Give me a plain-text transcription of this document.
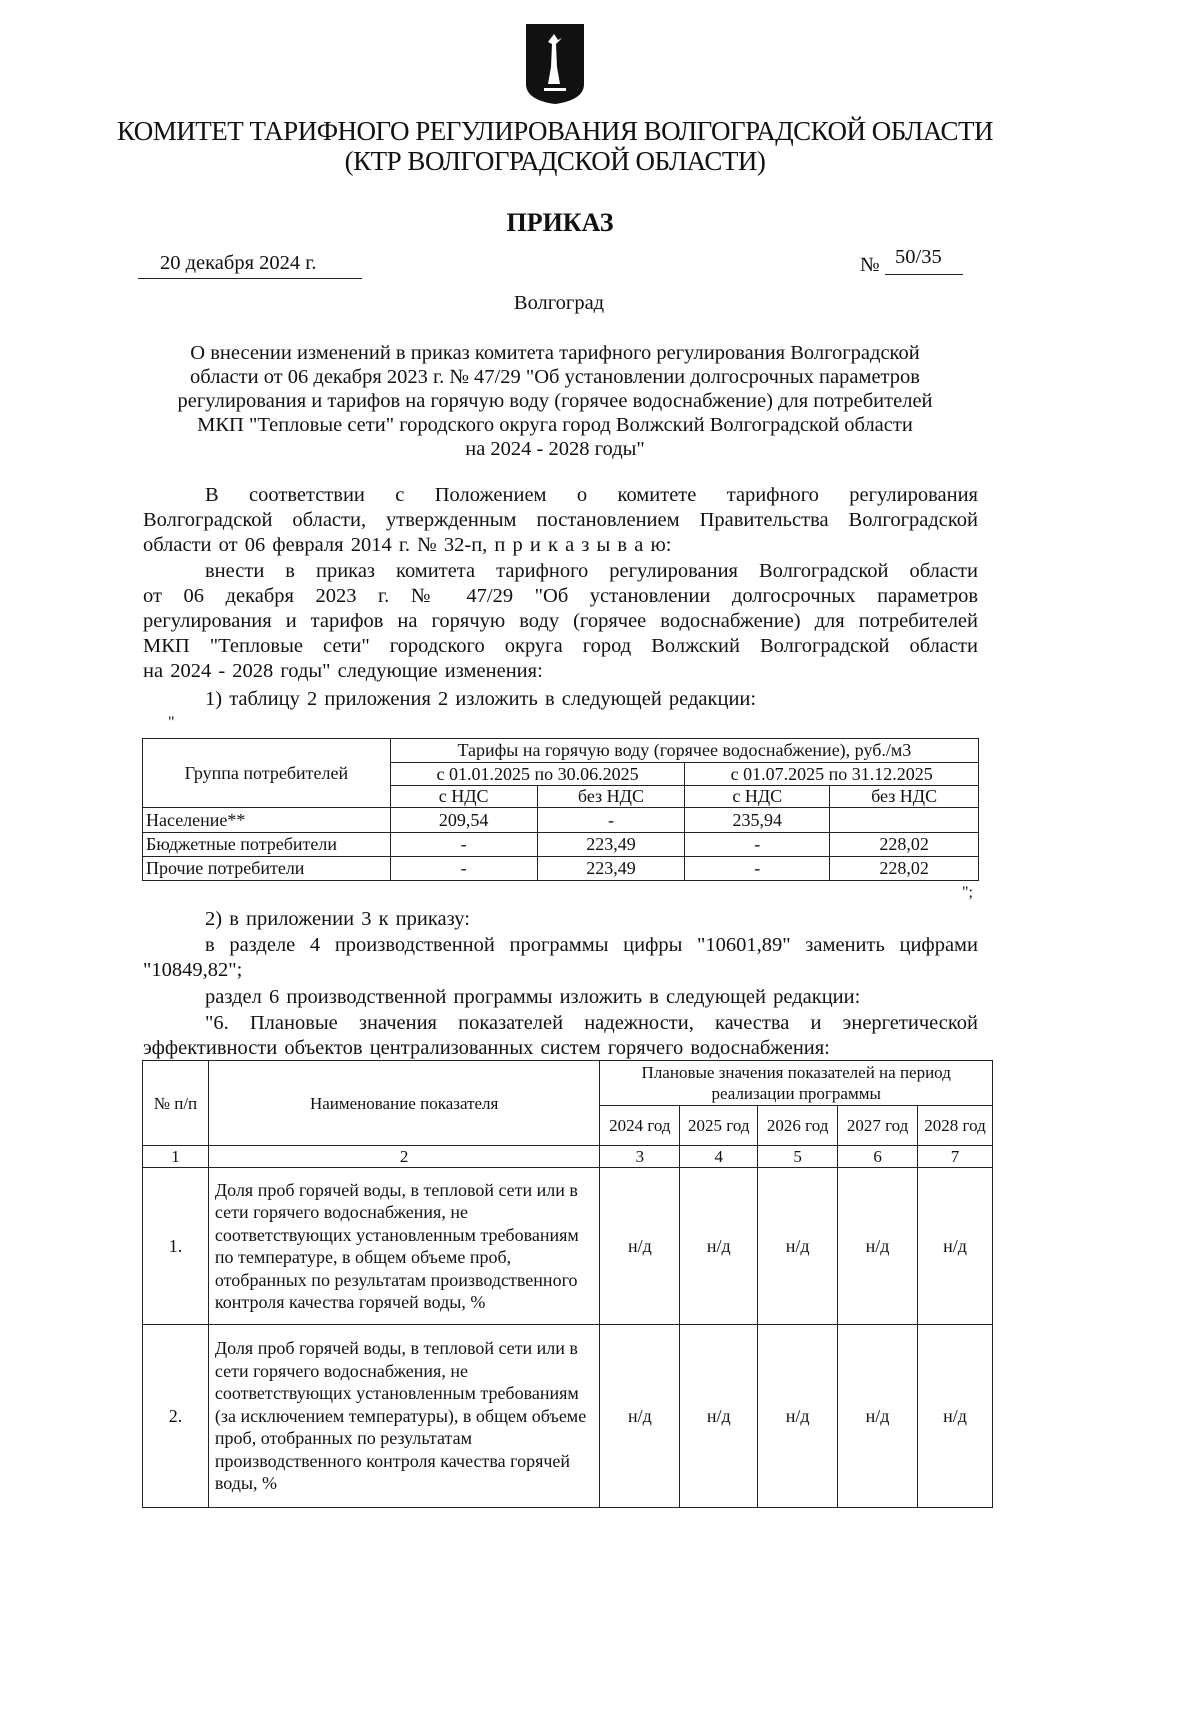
КОМИТЕТ ТАРИФНОГО РЕГУЛИРОВАНИЯ ВОЛГОГРАДСКОЙ ОБЛАСТИ
(КТР ВОЛГОГРАДСКОЙ ОБЛАСТИ)
ПРИКАЗ
20 декабря 2024 г.	№ 50/35
Волгоград
О внесении изменений в приказ комитета тарифного регулирования Волгоградской
области от 06 декабря 2023 г. № 47/29 "Об установлении долгосрочных параметров
регулирования и тарифов на горячую воду (горячее водоснабжение) для потребителей
МКП "Тепловые сети" городского округа город Волжский Волгоградской области
на 2024 - 2028 годы"
В соответствии с Положением о комитете тарифного регулирования
Волгоградской области, утвержденным постановлением Правительства Волгоградской
области от 06 февраля 2014 г. № 32-п, п р и к а з ы в а ю:
внести в приказ комитета тарифного регулирования Волгоградской области
от 06 декабря 2023 г. № 47/29 "Об установлении долгосрочных параметров
регулирования и тарифов на горячую воду (горячее водоснабжение) для потребителей
МКП "Тепловые сети" городского округа город Волжский Волгоградской области
на 2024 - 2028 годы" следующие изменения:
1) таблицу 2 приложения 2 изложить в следующей редакции:
"
Группа потребителей	Тарифы на горячую воду (горячее водоснабжение), руб./м3			
	с 01.01.2025 по 30.06.2025		с 01.07.2025 по 31.12.2025	
	с НДС	без НДС	с НДС	без НДС
Население**	209,54	-	235,94	
Бюджетные потребители	-	223,49	-	228,02
Прочие потребители	-	223,49	-	228,02
";
2) в приложении 3 к приказу:
в разделе 4 производственной программы цифры "10601,89" заменить цифрами
"10849,82";
раздел 6 производственной программы изложить в следующей редакции:
"6. Плановые значения показателей надежности, качества и энергетической
эффективности объектов централизованных систем горячего водоснабжения:
№ п/п	Наименование показателя	Плановые значения показателей на период реализации программы				
		2024 год	2025 год	2026 год	2027 год	2028 год
1	2	3	4	5	6	7
1.	Доля проб горячей воды, в тепловой сети или в сети горячего водоснабжения, не соответствующих установленным требованиям по температуре, в общем объеме проб, отобранных по результатам производственного контроля качества горячей воды, %	н/д	н/д	н/д	н/д	н/д
2.	Доля проб горячей воды, в тепловой сети или в сети горячего водоснабжения, не соответствующих установленным требованиям (за исключением температуры), в общем объеме проб, отобранных по результатам производственного контроля качества горячей воды, %	н/д	н/д	н/д	н/д	н/д
